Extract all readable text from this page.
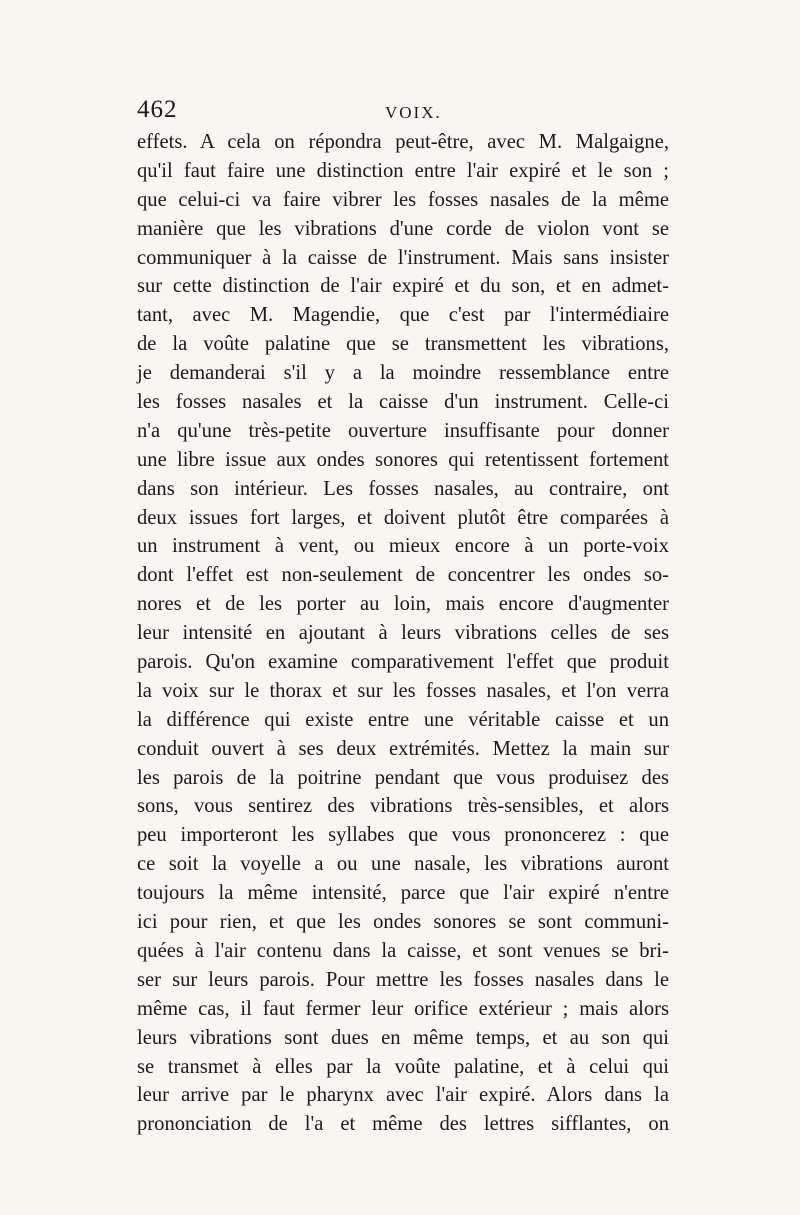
462	VOIX.
effets. A cela on répondra peut-être, avec M. Malgaigne,
qu'il faut faire une distinction entre l'air expiré et le son ;
que celui-ci va faire vibrer les fosses nasales de la même
manière que les vibrations d'une corde de violon vont se
communiquer à la caisse de l'instrument. Mais sans insister
sur cette distinction de l'air expiré et du son, et en admet-
tant, avec M. Magendie, que c'est par l'intermédiaire
de la voûte palatine que se transmettent les vibrations,
je demanderai s'il y a la moindre ressemblance entre
les fosses nasales et la caisse d'un instrument. Celle-ci
n'a qu'une très-petite ouverture insuffisante pour donner
une libre issue aux ondes sonores qui retentissent fortement
dans son intérieur. Les fosses nasales, au contraire, ont
deux issues fort larges, et doivent plutôt être comparées à
un instrument à vent, ou mieux encore à un porte-voix
dont l'effet est non-seulement de concentrer les ondes so-
nores et de les porter au loin, mais encore d'augmenter
leur intensité en ajoutant à leurs vibrations celles de ses
parois. Qu'on examine comparativement l'effet que produit
la voix sur le thorax et sur les fosses nasales, et l'on verra
la différence qui existe entre une véritable caisse et un
conduit ouvert à ses deux extrémités. Mettez la main sur
les parois de la poitrine pendant que vous produisez des
sons, vous sentirez des vibrations très-sensibles, et alors
peu importeront les syllabes que vous prononcerez : que
ce soit la voyelle a ou une nasale, les vibrations auront
toujours la même intensité, parce que l'air expiré n'entre
ici pour rien, et que les ondes sonores se sont communi-
quées à l'air contenu dans la caisse, et sont venues se bri-
ser sur leurs parois. Pour mettre les fosses nasales dans le
même cas, il faut fermer leur orifice extérieur ; mais alors
leurs vibrations sont dues en même temps, et au son qui
se transmet à elles par la voûte palatine, et à celui qui
leur arrive par le pharynx avec l'air expiré. Alors dans la
prononciation de l'a et même des lettres sifflantes, on
